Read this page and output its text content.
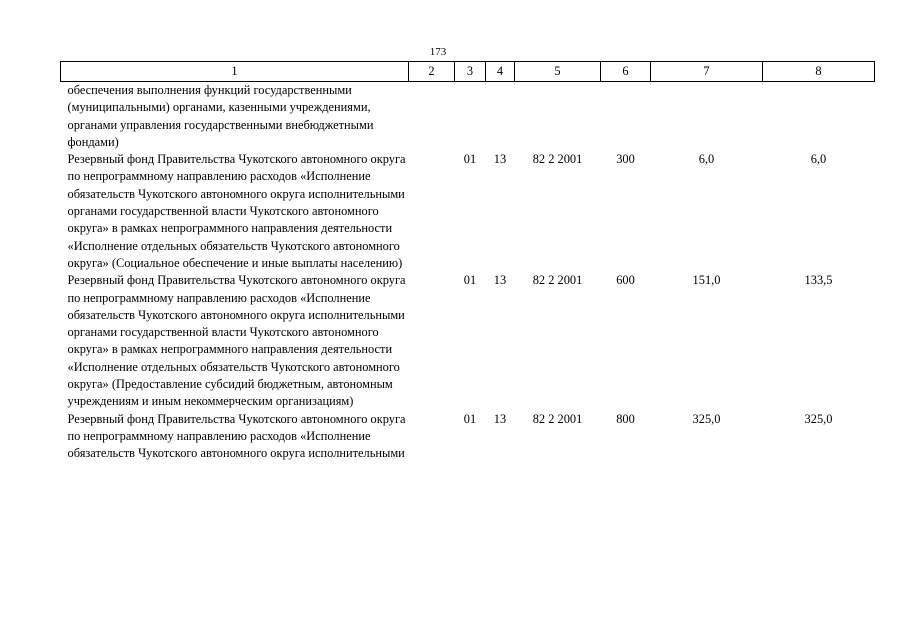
173
1	2	3	4	5	6	7	8
обеспечения выполнения функций государственными (муниципальными) органами, казенными учреждениями, органами управления государственными внебюджетными фондами)							
Резервный фонд Правительства Чукотского автономного округа по непрограммному направлению расходов «Исполнение обязательств Чукотского автономного округа исполнительными органами государственной власти Чукотского автономного округа» в рамках непрограммного направления деятельности «Исполнение отдельных обязательств Чукотского автономного округа» (Социальное обеспечение и иные выплаты населению)		01	13	82 2 2001	300	6,0	6,0
Резервный фонд Правительства Чукотского автономного округа по непрограммному направлению расходов «Исполнение обязательств Чукотского автономного округа исполнительными органами государственной власти Чукотского автономного округа» в рамках непрограммного направления деятельности «Исполнение отдельных обязательств Чукотского автономного округа» (Предоставление субсидий бюджетным, автономным учреждениям и иным некоммерческим организациям)		01	13	82 2 2001	600	151,0	133,5
Резервный фонд Правительства Чукотского автономного округа по непрограммному направлению расходов «Исполнение обязательств Чукотского автономного округа исполнительными		01	13	82 2 2001	800	325,0	325,0
